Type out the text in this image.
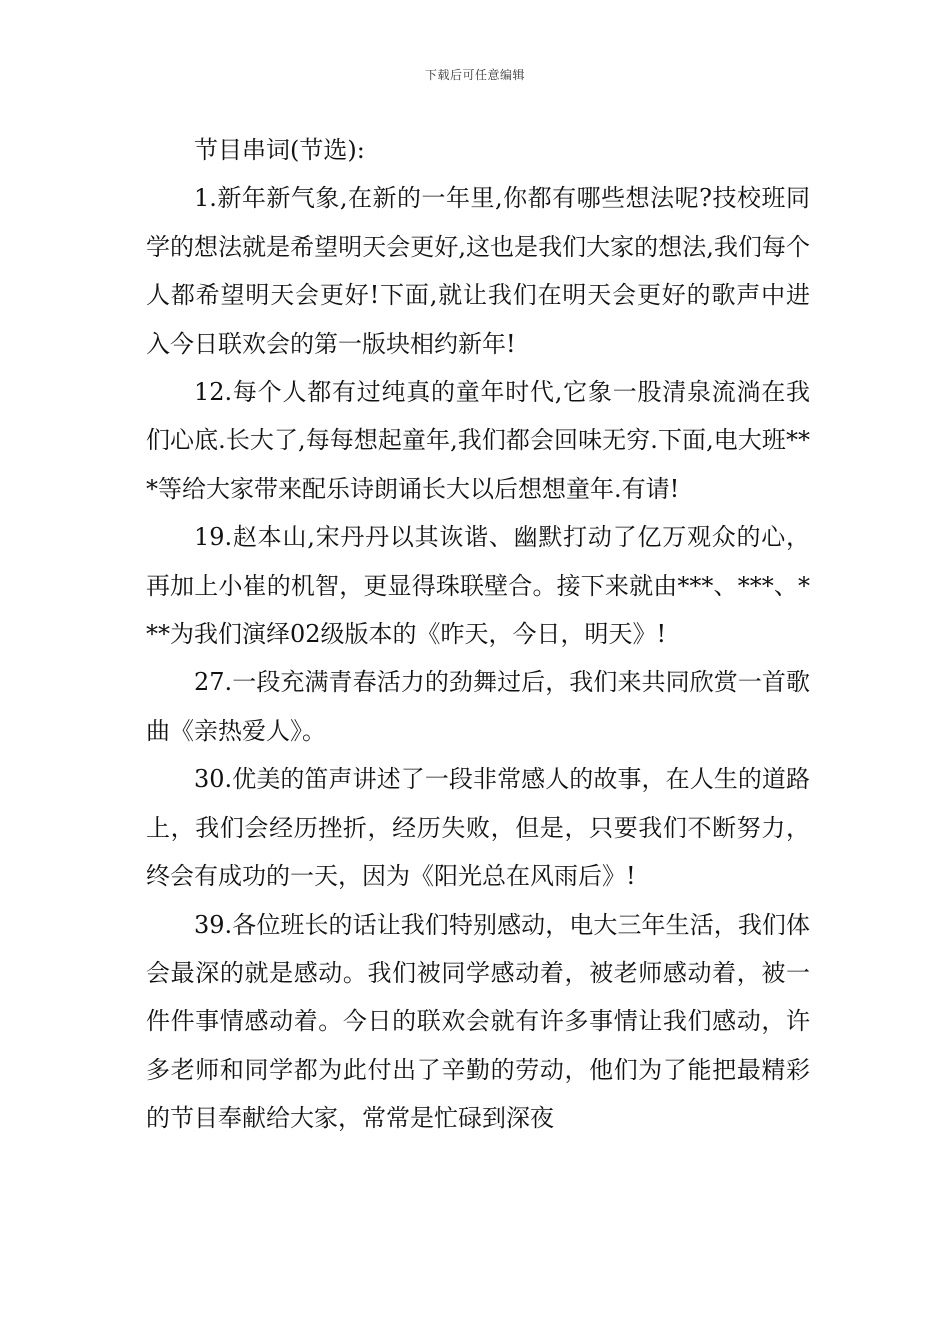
下载后可任意编辑

节目串词(节选):

1.新年新气象,在新的一年里,你都有哪些想法呢?技校班同学的想法就是希望明天会更好,这也是我们大家的想法,我们每个人都希望明天会更好!下面,就让我们在明天会更好的歌声中进入今日联欢会的第一版块相约新年!

12.每个人都有过纯真的童年时代,它象一股清泉流淌在我们心底.长大了,每每想起童年,我们都会回味无穷.下面,电大班***等给大家带来配乐诗朗诵长大以后想想童年.有请!

19.赵本山,宋丹丹以其诙谐、幽默打动了亿万观众的心，再加上小崔的机智，更显得珠联壁合。接下来就由***、***、***为我们演绎02级版本的《昨天，今日，明天》!

27.一段充满青春活力的劲舞过后，我们来共同欣赏一首歌曲《亲热爱人》。

30.优美的笛声讲述了一段非常感人的故事，在人生的道路上，我们会经历挫折，经历失败，但是，只要我们不断努力，终会有成功的一天，因为《阳光总在风雨后》!

39.各位班长的话让我们特别感动，电大三年生活，我们体会最深的就是感动。我们被同学感动着，被老师感动着，被一件件事情感动着。今日的联欢会就有许多事情让我们感动，许多老师和同学都为此付出了辛勤的劳动，他们为了能把最精彩的节目奉献给大家，常常是忙碌到深夜
